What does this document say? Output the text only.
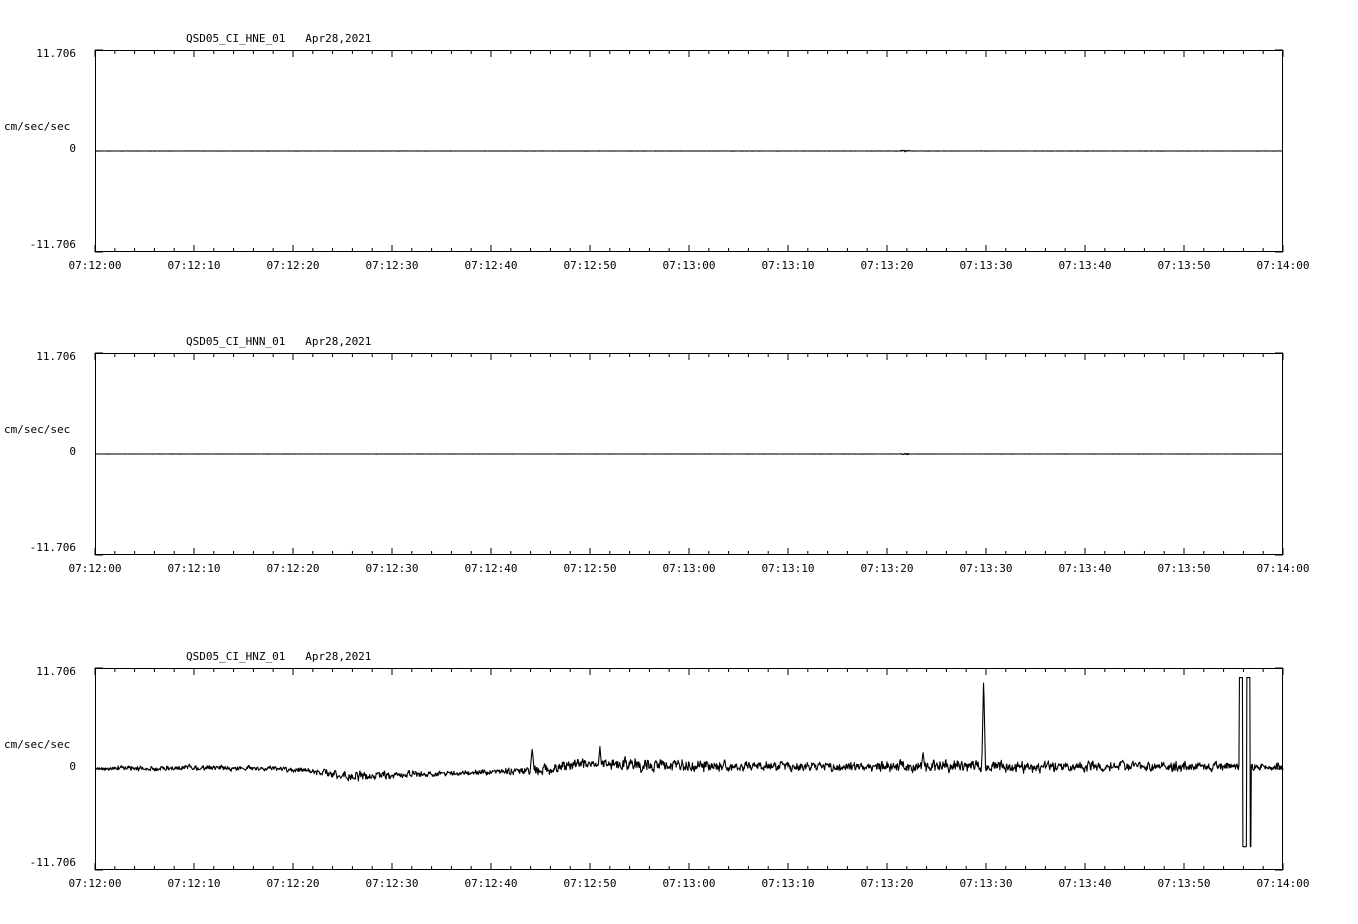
QSD05_CI_HNE_01   Apr28,2021
11.706
cm/sec/sec
0
-11.706
07:12:00	07:12:10	07:12:20	07:12:30	07:12:40	07:12:50	07:13:00	07:13:10	07:13:20	07:13:30	07:13:40	07:13:50	07:14:00
QSD05_CI_HNN_01   Apr28,2021
11.706
cm/sec/sec
0
-11.706
07:12:00	07:12:10	07:12:20	07:12:30	07:12:40	07:12:50	07:13:00	07:13:10	07:13:20	07:13:30	07:13:40	07:13:50	07:14:00
QSD05_CI_HNZ_01   Apr28,2021
11.706
cm/sec/sec
0
-11.706
07:12:00	07:12:10	07:12:20	07:12:30	07:12:40	07:12:50	07:13:00	07:13:10	07:13:20	07:13:30	07:13:40	07:13:50	07:14:00
